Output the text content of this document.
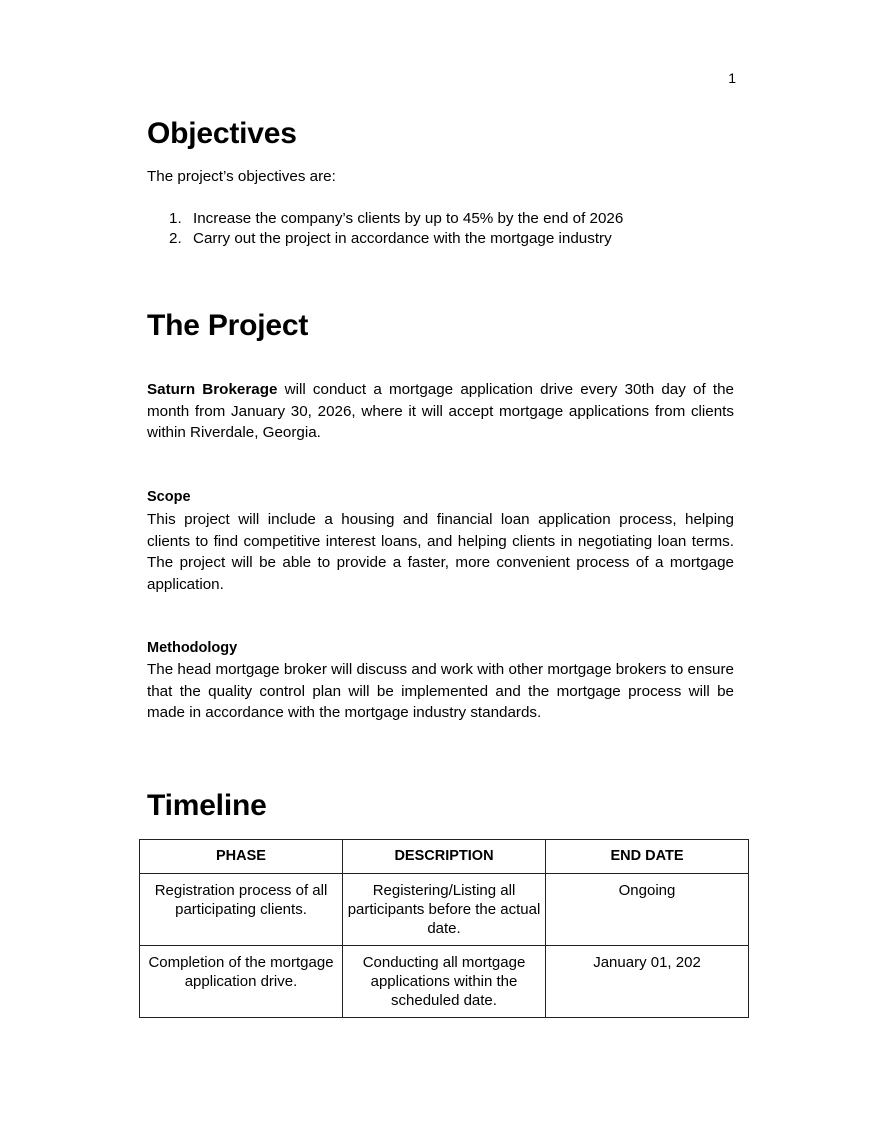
1
Objectives

The project’s objectives are:

1. Increase the company’s clients by up to 45% by the end of 2026
2. Carry out the project in accordance with the mortgage industry
The Project

Saturn Brokerage will conduct a mortgage application drive every 30th day of the month from January 30, 2026, where it will accept mortgage applications from clients within Riverdale, Georgia.

Scope

This project will include a housing and financial loan application process, helping clients to find competitive interest loans, and helping clients in negotiating loan terms. The project will be able to provide a faster, more convenient process of a mortgage application.

Methodology

The head mortgage broker will discuss and work with other mortgage brokers to ensure that the quality control plan will be implemented and the mortgage process will be made in accordance with the mortgage industry standards.

Timeline
PHASE	DESCRIPTION	END DATE
Registration process of all participating clients.	Registering/Listing all participants before the actual date.	Ongoing
Completion of the mortgage application drive.	Conducting all mortgage applications within the scheduled date.	January 01, 202
